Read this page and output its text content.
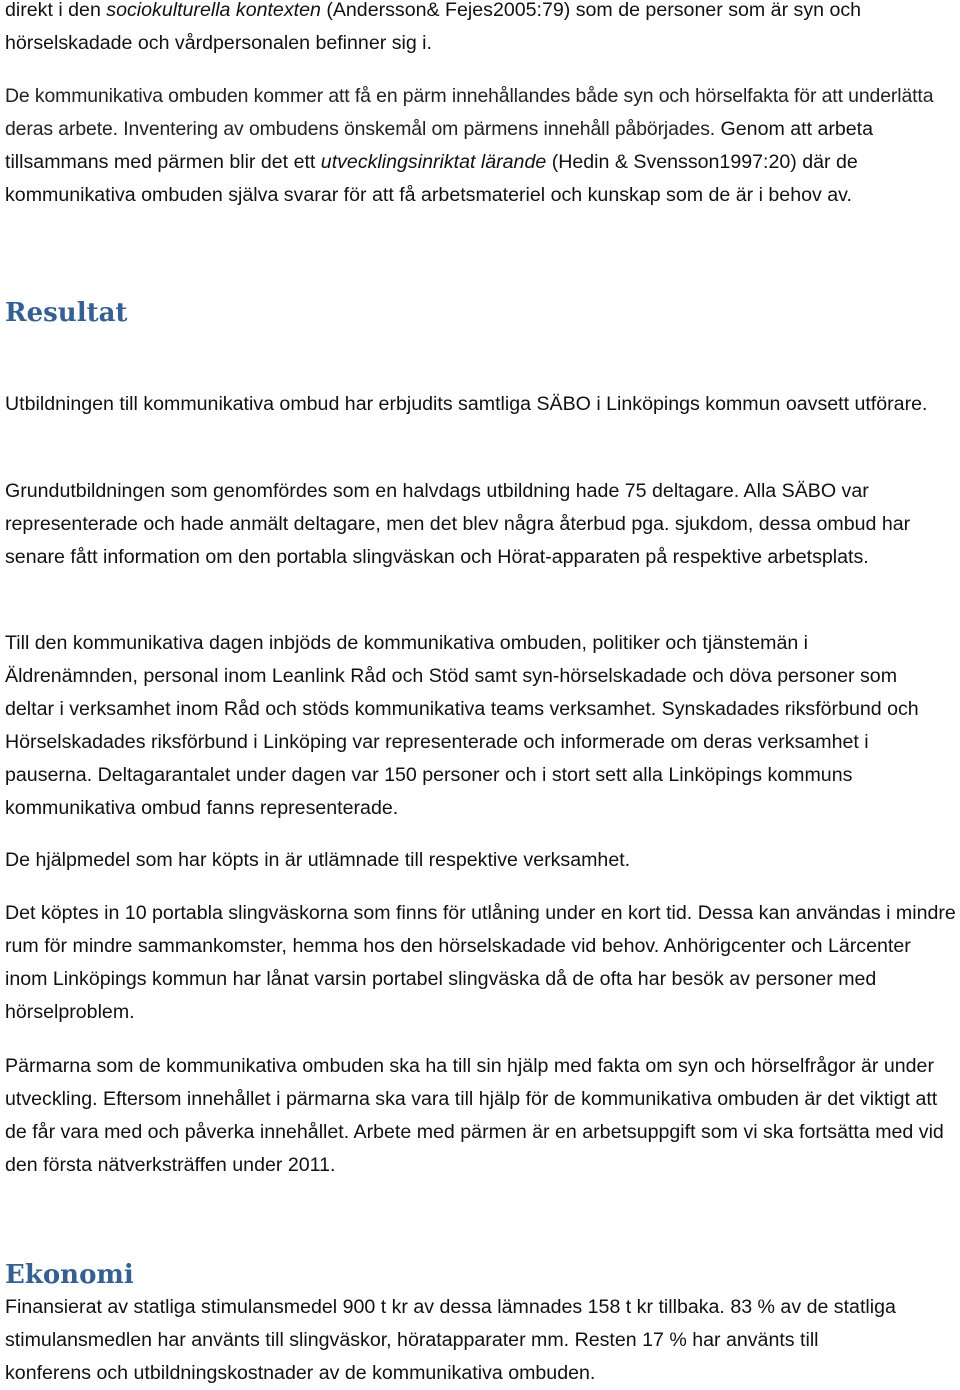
direkt i den sociokulturella kontexten (Andersson& Fejes2005:79) som de personer som är syn och hörselskadade och vårdpersonalen befinner sig i.

De kommunikativa ombuden kommer att få en pärm innehållandes både syn och hörselfakta för att underlätta deras arbete. Inventering av ombudens önskemål om pärmens innehåll påbörjades. Genom att arbeta tillsammans med pärmen blir det ett utvecklingsinriktat lärande (Hedin & Svensson1997:20) där de kommunikativa ombuden själva svarar för att få arbetsmateriel och kunskap som de är i behov av.

Resultat

Utbildningen till kommunikativa ombud har erbjudits samtliga SÄBO i Linköpings kommun oavsett utförare.

Grundutbildningen som genomfördes som en halvdags utbildning hade 75 deltagare. Alla SÄBO var representerade och hade anmält deltagare, men det blev några återbud pga. sjukdom, dessa ombud har senare fått information om den portabla slingväskan och Hörat-apparaten på respektive arbetsplats.

Till den kommunikativa dagen inbjöds de kommunikativa ombuden, politiker och tjänstemän i Äldrenämnden, personal inom Leanlink Råd och Stöd samt syn-hörselskadade och döva personer som deltar i verksamhet inom Råd och stöds kommunikativa teams verksamhet. Synskadades riksförbund och Hörselskadades riksförbund i Linköping var representerade och informerade om deras verksamhet i pauserna. Deltagarantalet under dagen var 150 personer och i stort sett alla Linköpings kommuns kommunikativa ombud fanns representerade.

De hjälpmedel som har köpts in är utlämnade till respektive verksamhet.

Det köptes in 10 portabla slingväskorna som finns för utlåning under en kort tid. Dessa kan användas i mindre rum för mindre sammankomster, hemma hos den hörselskadade vid behov. Anhörigcenter och Lärcenter inom Linköpings kommun har lånat varsin portabel slingväska då de ofta har besök av personer med hörselproblem.

Pärmarna som de kommunikativa ombuden ska ha till sin hjälp med fakta om syn och hörselfrågor är under utveckling. Eftersom innehållet i pärmarna ska vara till hjälp för de kommunikativa ombuden är det viktigt att de får vara med och påverka innehållet. Arbete med pärmen är en arbetsuppgift som vi ska fortsätta med vid den första nätverksträffen under 2011.

Ekonomi

Finansierat av statliga stimulansmedel 900 t kr av dessa lämnades 158 t kr tillbaka. 83 % av de statliga stimulansmedlen har använts till slingväskor, höratapparater mm. Resten 17 % har använts till konferens och utbildningskostnader av de kommunikativa ombuden.
